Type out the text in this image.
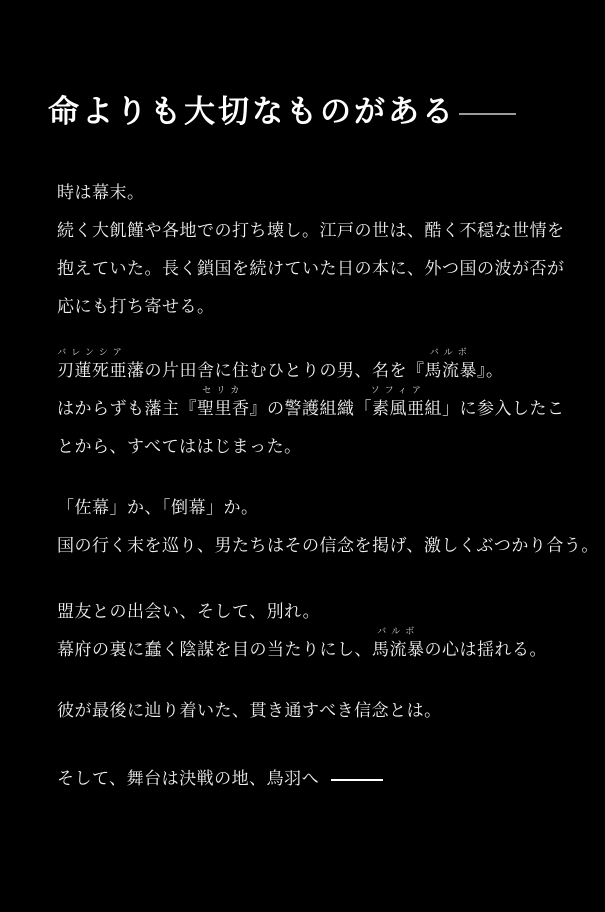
命よりも大切なものがある
時は幕末。
続く大飢饉や各地での打ち壊し。江戸の世は、酷く不穏な世情を
抱えていた。長く鎖国を続けていた日の本に、外つ国の波が否が
応にも打ち寄せる。
バレンシア
刃蓮死亜藩の片田舎に住むひとりの男、名を『
バルボ
馬流暴』。
はからずも藩主『
セリカ
聖里香』の警護組織「
ソフィア
素風亜組」に参入したこ
とから、すべてははじまった。
「佐幕」か、「倒幕」か。
国の行く末を巡り、男たちはその信念を掲げ、激しくぶつかり合う。
盟友との出会い、そして、別れ。
幕府の裏に蠢く陰謀を目の当たりにし、
バルボ
馬流暴の心は揺れる。
彼が最後に辿り着いた、貫き通すべき信念とは。
そして、舞台は決戦の地、鳥羽へ
